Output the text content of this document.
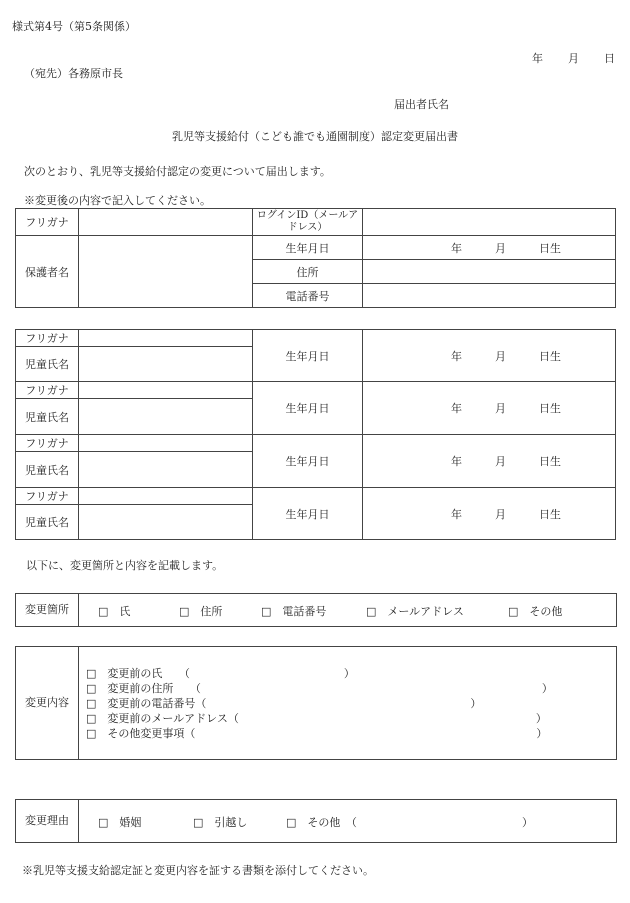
様式第4号（第5条関係）
年 月 日
（宛先）各務原市長
届出者氏名
乳児等支援給付（こども誰でも通園制度）認定変更届出書
次のとおり、乳児等支援給付認定の変更について届出します。
※変更後の内容で記入してください。
フリガナ		ログインID（メールアドレス）	
保護者名		生年月日	年　　　月　　　日生
		住所	
		電話番号	
フリガナ		生年月日	年　　　月　　　日生
児童氏名			
フリガナ		生年月日	年　　　月　　　日生
児童氏名			
フリガナ		生年月日	年　　　月　　　日生
児童氏名			
フリガナ		生年月日	年　　　月　　　日生
児童氏名			
以下に、変更箇所と内容を記載します。
変更箇所	□　氏	□　住所	□　電話番号	□　メールアドレス	□　その他
変更内容
□　変更前の氏　　（　　　　　　　　　　　　　　）
□　変更前の住所　　（　　　　　　　　　　　　　　　　　　　　　　　　　　　　　　　）
□　変更前の電話番号（　　　　　　　　　　　　　　　　　　　　　　　　）
□　変更前のメールアドレス（　　　　　　　　　　　　　　　　　　　　　　　　　　　）
□　その他変更事項（　　　　　　　　　　　　　　　　　　　　　　　　　　　　　　　）
変更理由	□　婚姻	□　引越し	□　その他　（	）
※乳児等支援支給認定証と変更内容を証する書類を添付してください。
